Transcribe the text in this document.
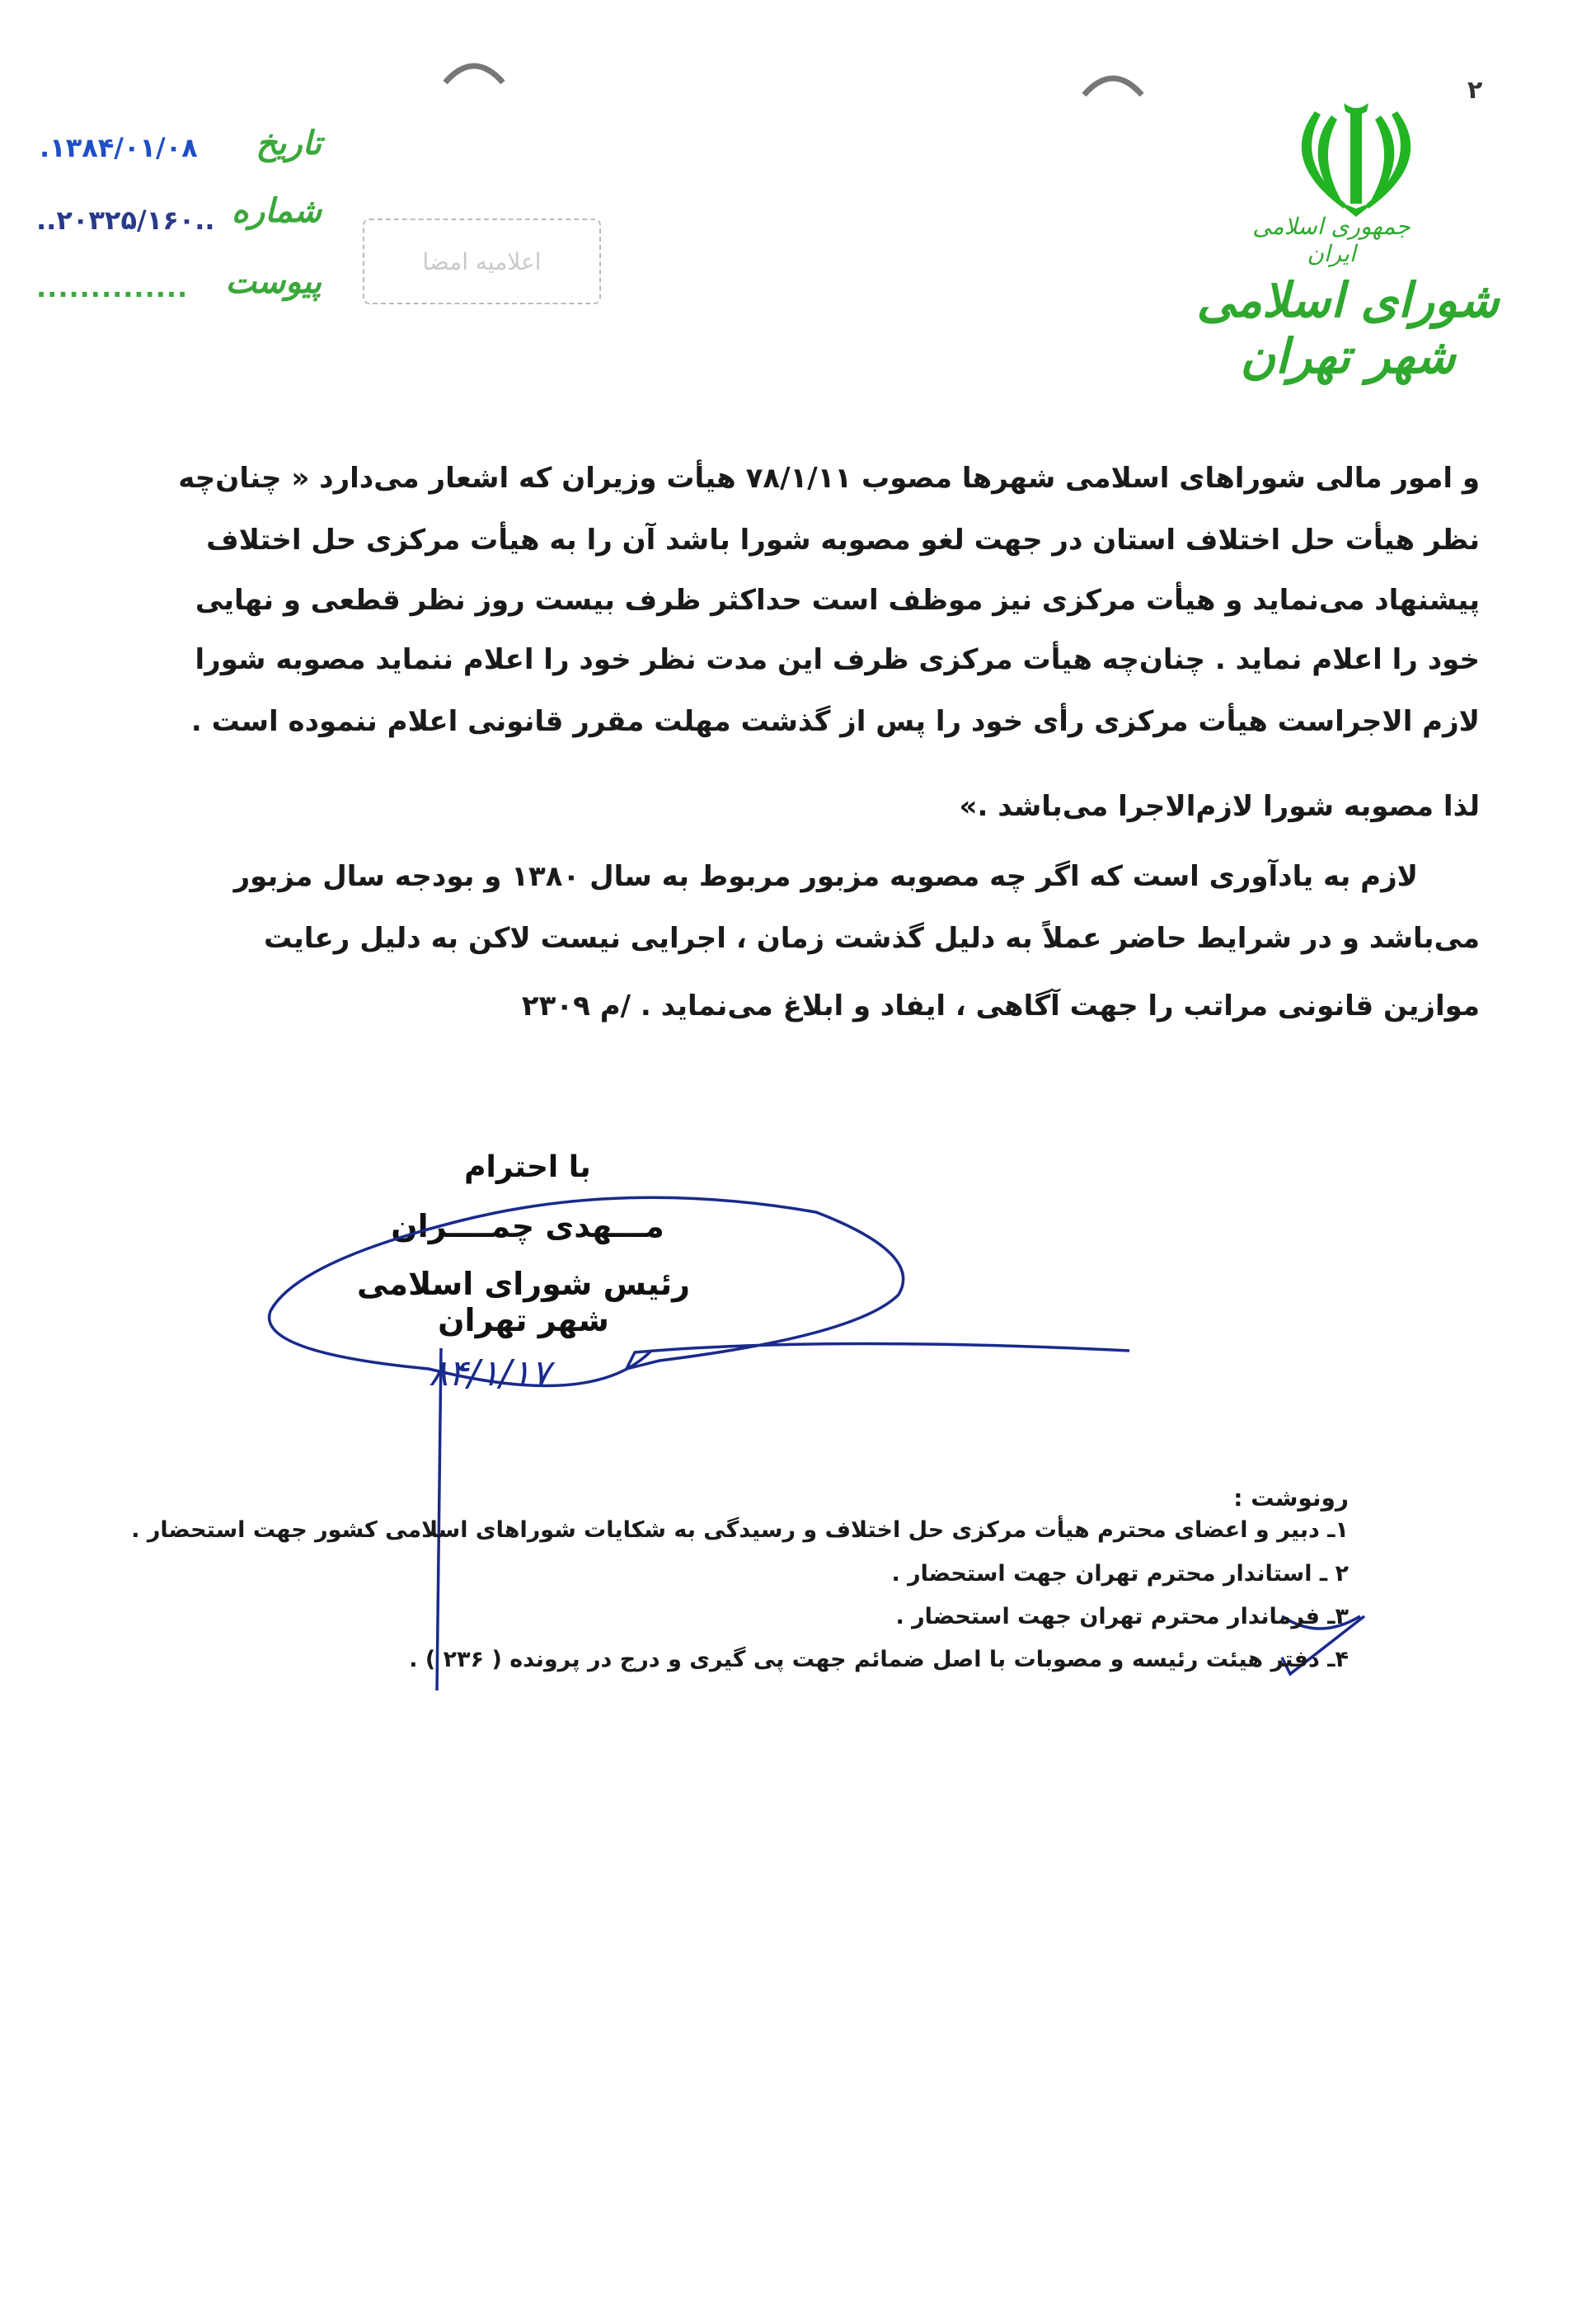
۲
جمهوری اسلامی ایران
شورای اسلامی شهر تهران
تاریخ
.۱۳۸۴/۰۱/۰۸
شماره
..۲۰۳۲۵/۱۶۰..
پیوست
..............
اعلامیه امضا
و امور مالی شوراهای اسلامی شهرها مصوب ۷۸/۱/۱۱ هیأت وزیران که اشعار می‌دارد « چنان‌چه
نظر هیأت حل اختلاف استان در جهت لغو مصوبه شورا باشد آن را به هیأت مرکزی حل اختلاف
پیشنهاد می‌نماید و هیأت مرکزی نیز موظف است حداکثر ظرف بیست روز نظر قطعی و نهایی
خود را اعلام نماید . چنان‌چه هیأت مرکزی ظرف این مدت نظر خود را اعلام ننماید مصوبه شورا
لازم الاجراست هیأت مرکزی رأی خود را پس از گذشت مهلت مقرر قانونی اعلام ننموده است .
لذا مصوبه شورا لازم‌الاجرا می‌باشد .»
لازم به یادآوری است که اگر چه مصوبه مزبور مربوط به سال ۱۳۸۰ و بودجه سال مزبور
می‌باشد و در شرایط حاضر عملاً به دلیل گذشت زمان ، اجرایی نیست لاکن به دلیل رعایت
موازین قانونی مراتب را جهت آگاهی ، ایفاد و ابلاغ می‌نماید . /م ۲۳۰۹
با احترام
مـــهدی چمــــران
رئیس شورای اسلامی شهر تهران
۸۴/۱/۱۷
رونوشت :
۱ـ دبیر و اعضای محترم هیأت مرکزی حل اختلاف و رسیدگی به شکایات شوراهای اسلامی کشور جهت استحضار .
۲ ـ استاندار محترم تهران جهت استحضار .
۳ـ فرماندار محترم تهران جهت استحضار .
۴ـ دفتر هیئت رئیسه و مصوبات با اصل ضمائم جهت پی گیری و درج در پرونده ( ۲۳۶ ) .
